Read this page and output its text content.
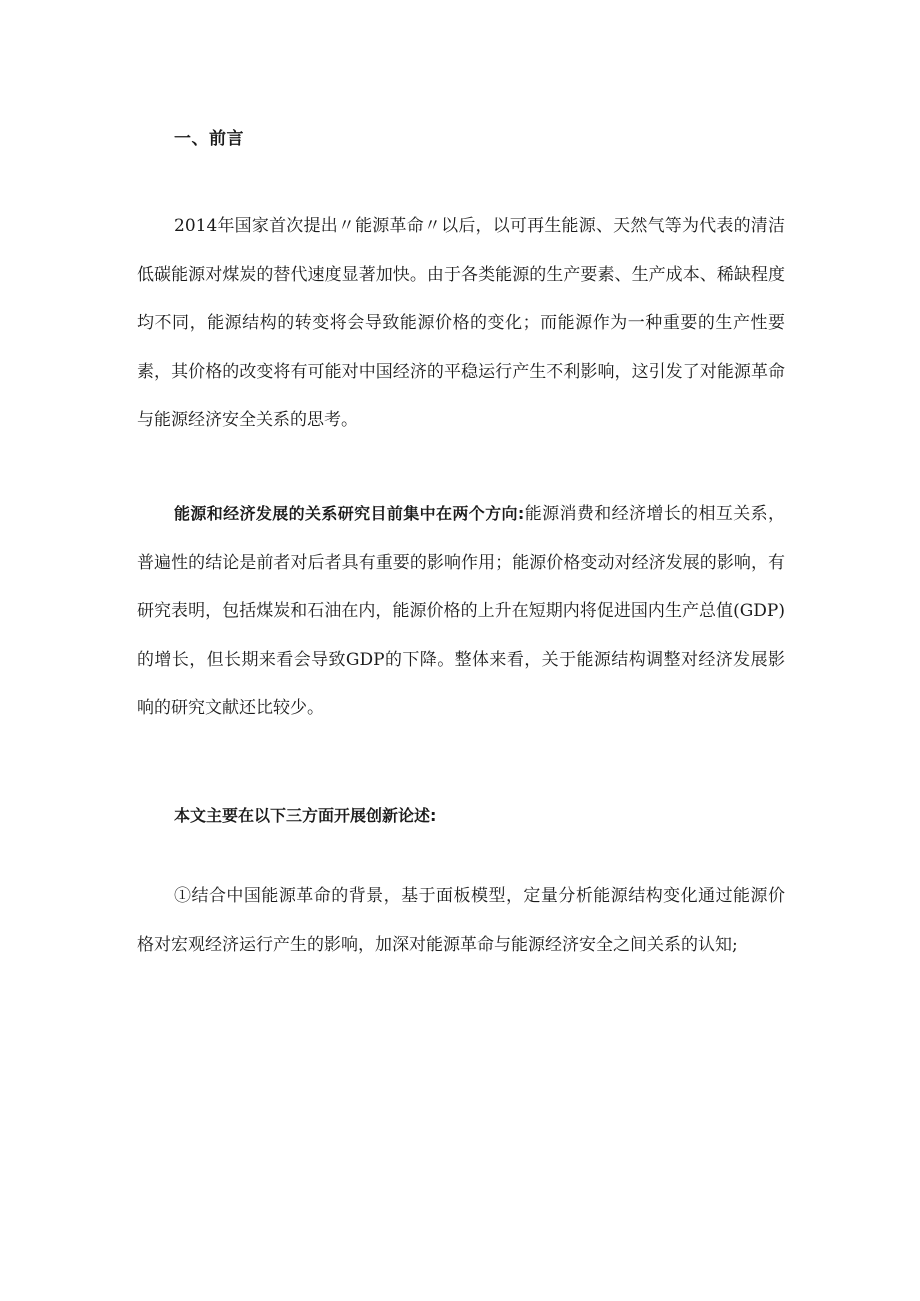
一、前言

2014年国家首次提出〃能源革命〃以后，以可再生能源、天然气等为代表的清洁低碳能源对煤炭的替代速度显著加快。由于各类能源的生产要素、生产成本、稀缺程度均不同，能源结构的转变将会导致能源价格的变化；而能源作为一种重要的生产性要素，其价格的改变将有可能对中国经济的平稳运行产生不利影响，这引发了对能源革命与能源经济安全关系的思考。

能源和经济发展的关系研究目前集中在两个方向:能源消费和经济增长的相互关系，普遍性的结论是前者对后者具有重要的影响作用；能源价格变动对经济发展的影响，有研究表明，包括煤炭和石油在内，能源价格的上升在短期内将促进国内生产总值(GDP)的增长，但长期来看会导致GDP的下降。整体来看，关于能源结构调整对经济发展影响的研究文献还比较少。

本文主要在以下三方面开展创新论述:

①结合中国能源革命的背景，基于面板模型，定量分析能源结构变化通过能源价格对宏观经济运行产生的影响，加深对能源革命与能源经济安全之间关系的认知;
